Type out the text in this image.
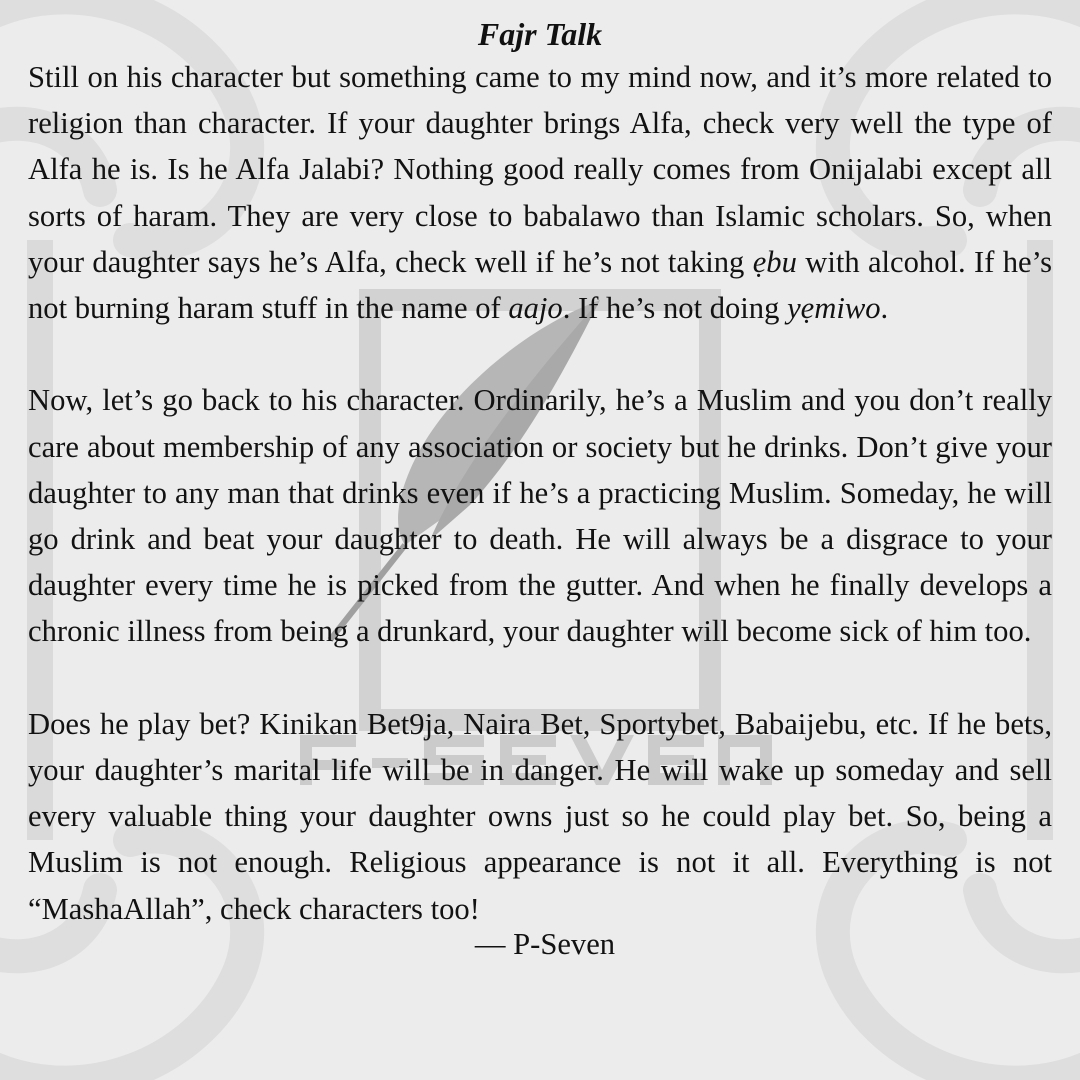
Fajr Talk

Still on his character but something came to my mind now, and it’s more related to religion than character. If your daughter brings Alfa, check very well the type of Alfa he is. Is he Alfa Jalabi? Nothing good really comes from Onijalabi except all sorts of haram. They are very close to babalawo than Islamic scholars. So, when your daughter says he’s Alfa, check well if he’s not taking ẹbu with alcohol. If he’s not burning haram stuff in the name of aajo. If he’s not doing yẹmiwo.

Now, let’s go back to his character. Ordinarily, he’s a Muslim and you don’t really care about membership of any association or society but he drinks. Don’t give your daughter to any man that drinks even if he’s a practicing Muslim. Someday, he will go drink and beat your daughter to death. He will always be a disgrace to your daughter every time he is picked from the gutter. And when he finally develops a chronic illness from being a drunkard, your daughter will become sick of him too.

Does he play bet? Kinikan Bet9ja, Naira Bet, Sportybet, Babaijebu, etc. If he bets, your daughter’s marital life will be in danger. He will wake up someday and sell every valuable thing your daughter owns just so he could play bet. So, being a Muslim is not enough. Religious appearance is not it all. Everything is not “MashaAllah”, check characters too!

— P-Seven
